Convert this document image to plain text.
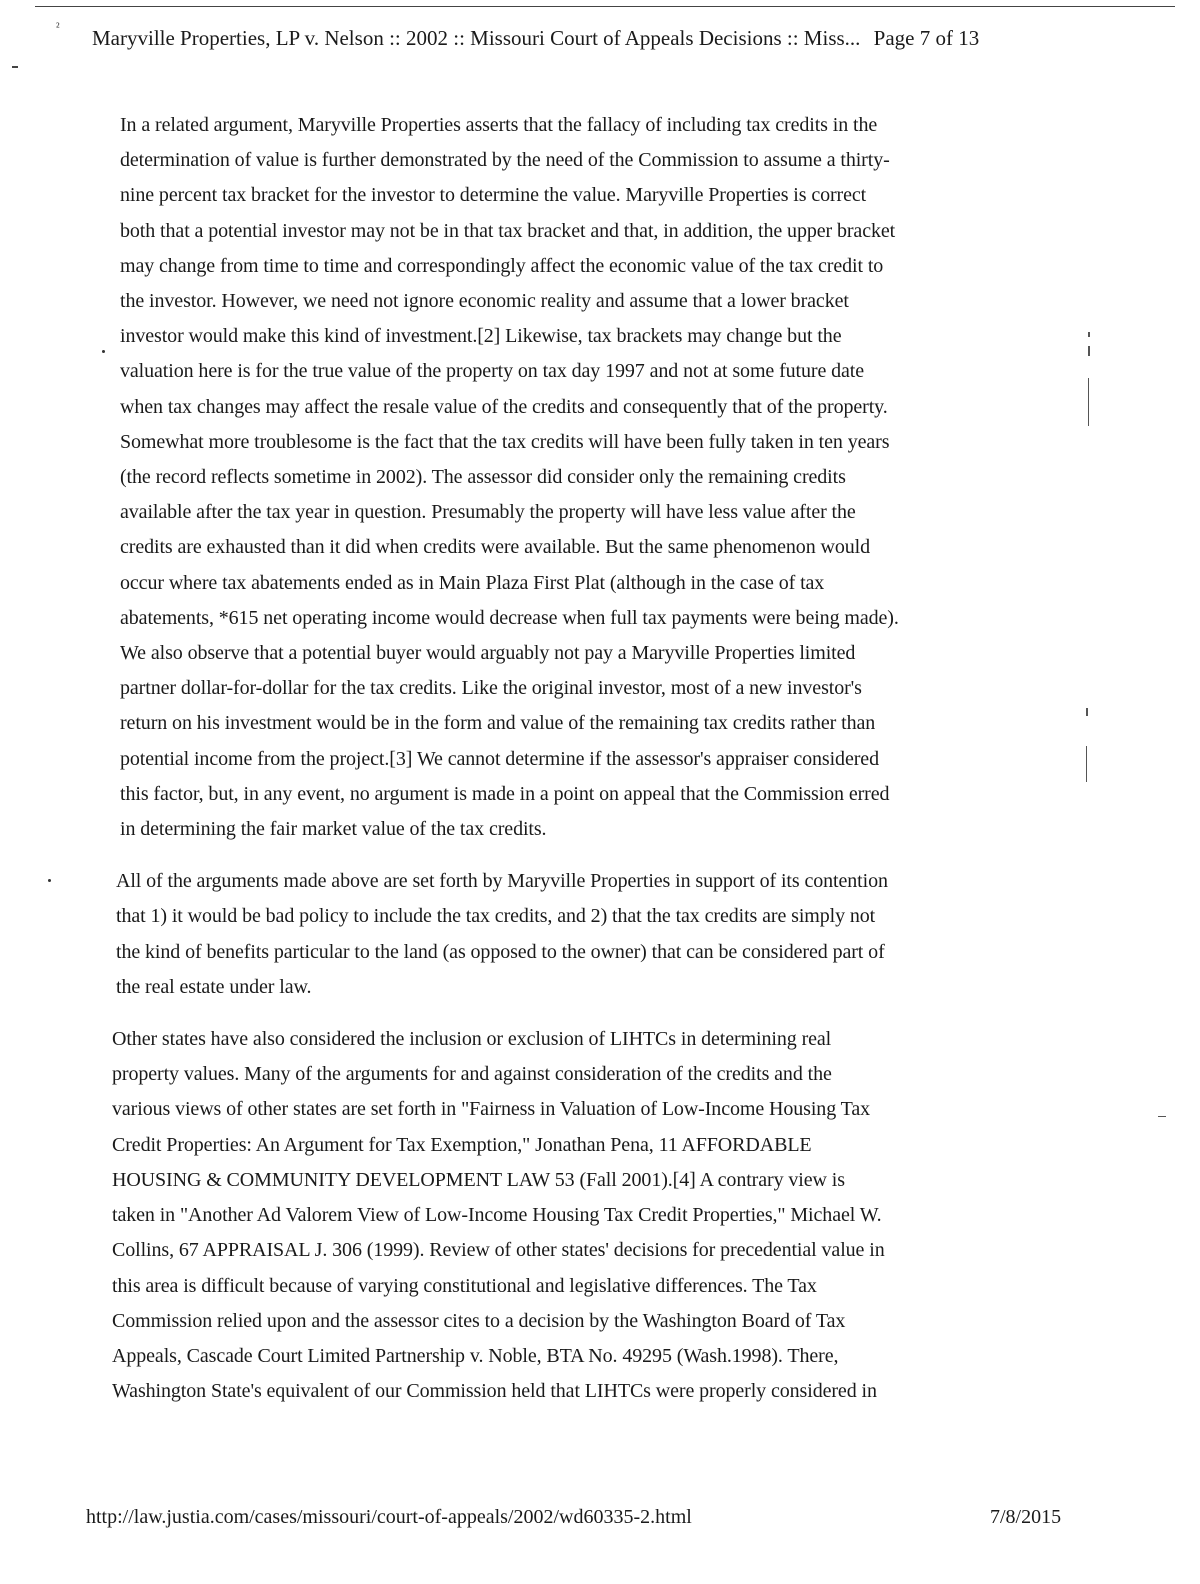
² Maryville Properties, LP v. Nelson :: 2002 :: Missouri Court of Appeals Decisions :: Miss... Page 7 of 13

In a related argument, Maryville Properties asserts that the fallacy of including tax credits in the
determination of value is further demonstrated by the need of the Commission to assume a thirty-
nine percent tax bracket for the investor to determine the value. Maryville Properties is correct
both that a potential investor may not be in that tax bracket and that, in addition, the upper bracket
may change from time to time and correspondingly affect the economic value of the tax credit to
the investor. However, we need not ignore economic reality and assume that a lower bracket
investor would make this kind of investment.[2] Likewise, tax brackets may change but the
valuation here is for the true value of the property on tax day 1997 and not at some future date
when tax changes may affect the resale value of the credits and consequently that of the property.
Somewhat more troublesome is the fact that the tax credits will have been fully taken in ten years
(the record reflects sometime in 2002). The assessor did consider only the remaining credits
available after the tax year in question. Presumably the property will have less value after the
credits are exhausted than it did when credits were available. But the same phenomenon would
occur where tax abatements ended as in Main Plaza First Plat (although in the case of tax
abatements, *615 net operating income would decrease when full tax payments were being made).
We also observe that a potential buyer would arguably not pay a Maryville Properties limited
partner dollar-for-dollar for the tax credits. Like the original investor, most of a new investor's
return on his investment would be in the form and value of the remaining tax credits rather than
potential income from the project.[3] We cannot determine if the assessor's appraiser considered
this factor, but, in any event, no argument is made in a point on appeal that the Commission erred
in determining the fair market value of the tax credits.

All of the arguments made above are set forth by Maryville Properties in support of its contention
that 1) it would be bad policy to include the tax credits, and 2) that the tax credits are simply not
the kind of benefits particular to the land (as opposed to the owner) that can be considered part of
the real estate under law.

Other states have also considered the inclusion or exclusion of LIHTCs in determining real
property values. Many of the arguments for and against consideration of the credits and the
various views of other states are set forth in "Fairness in Valuation of Low-Income Housing Tax
Credit Properties: An Argument for Tax Exemption," Jonathan Pena, 11 AFFORDABLE
HOUSING & COMMUNITY DEVELOPMENT LAW 53 (Fall 2001).[4] A contrary view is
taken in "Another Ad Valorem View of Low-Income Housing Tax Credit Properties," Michael W.
Collins, 67 APPRAISAL J. 306 (1999). Review of other states' decisions for precedential value in
this area is difficult because of varying constitutional and legislative differences. The Tax
Commission relied upon and the assessor cites to a decision by the Washington Board of Tax
Appeals, Cascade Court Limited Partnership v. Noble, BTA No. 49295 (Wash.1998). There,
Washington State's equivalent of our Commission held that LIHTCs were properly considered in

http://law.justia.com/cases/missouri/court-of-appeals/2002/wd60335-2.html	7/8/2015
